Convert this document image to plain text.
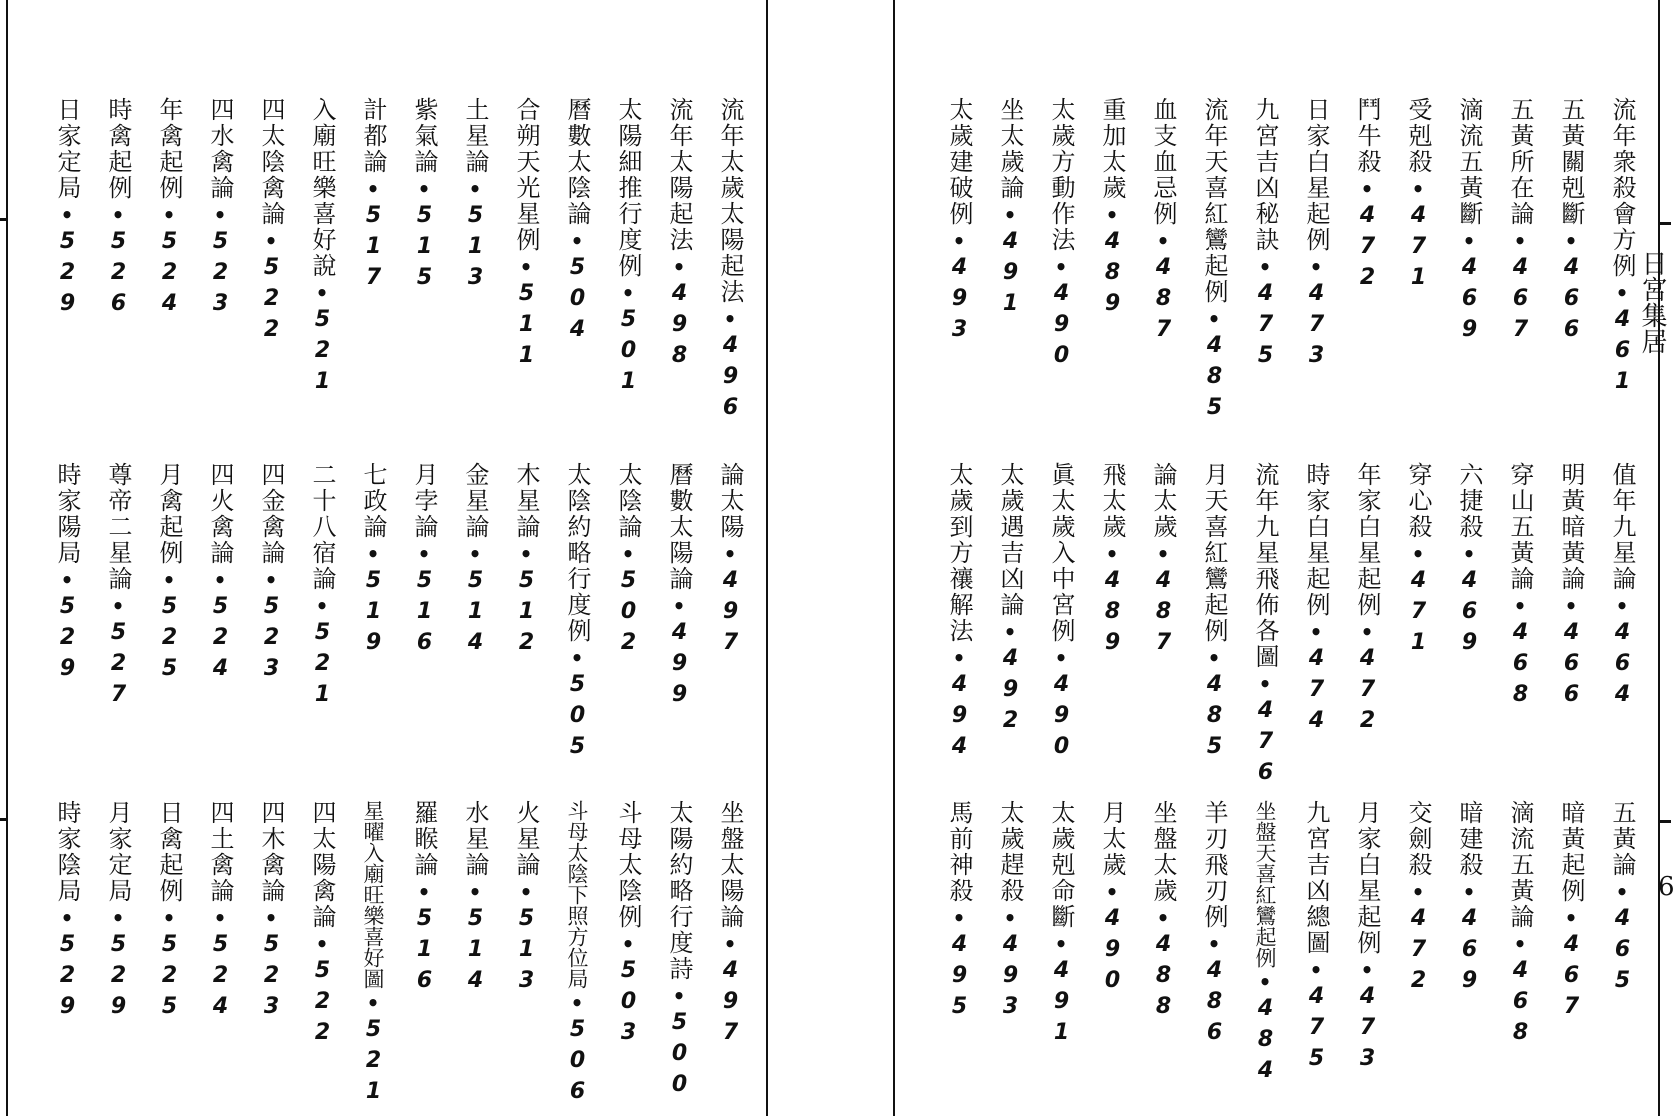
日宮集居
6
流年太歲太陽起法
•
496
流年太陽起法
•
498
太陽細推行度例
•
501
曆數太陰論
•
504
合朔天光星例
•
511
土星論
•
513
紫氣論
•
515
計都論
•
517
入廟旺樂喜好說
•
521
四太陰禽論
•
522
四水禽論
•
523
年禽起例
•
524
時禽起例
•
526
日家定局
•
529
論太陽
•
497
曆數太陽論
•
499
太陰論
•
502
太陰約略行度例
•
505
木星論
•
512
金星論
•
514
月孛論
•
516
七政論
•
519
二十八宿論
•
521
四金禽論
•
523
四火禽論
•
524
月禽起例
•
525
尊帝二星論
•
527
時家陽局
•
529
坐盤太陽論
•
497
太陽約略行度詩
•
500
斗母太陰例
•
503
斗母太陰下照方位局
•
506
火星論
•
513
水星論
•
514
羅睺論
•
516
星曜入廟旺樂喜好圖
•
521
四太陽禽論
•
522
四木禽論
•
523
四土禽論
•
524
日禽起例
•
525
月家定局
•
529
時家陰局
•
529
流年衆殺會方例
•
461
五黃關剋斷
•
466
五黃所在論
•
467
滴流五黃斷
•
469
受剋殺
•
471
鬥牛殺
•
472
日家白星起例
•
473
九宮吉凶秘訣
•
475
流年天喜紅鸞起例
•
485
血支血忌例
•
487
重加太歲
•
489
太歲方動作法
•
490
坐太歲論
•
491
太歲建破例
•
493
值年九星論
•
464
明黃暗黃論
•
466
穿山五黃論
•
468
六捷殺
•
469
穿心殺
•
471
年家白星起例
•
472
時家白星起例
•
474
流年九星飛佈各圖
•
476
月天喜紅鸞起例
•
485
論太歲
•
487
飛太歲
•
489
眞太歲入中宮例
•
490
太歲遇吉凶論
•
492
太歲到方禳解法
•
494
五黃論
•
465
暗黃起例
•
467
滴流五黃論
•
468
暗建殺
•
469
交劍殺
•
472
月家白星起例
•
473
九宮吉凶總圖
•
475
坐盤天喜紅鸞起例
•
484
羊刃飛刃例
•
486
坐盤太歲
•
488
月太歲
•
490
太歲剋命斷
•
491
太歲趕殺
•
493
馬前神殺
•
495
